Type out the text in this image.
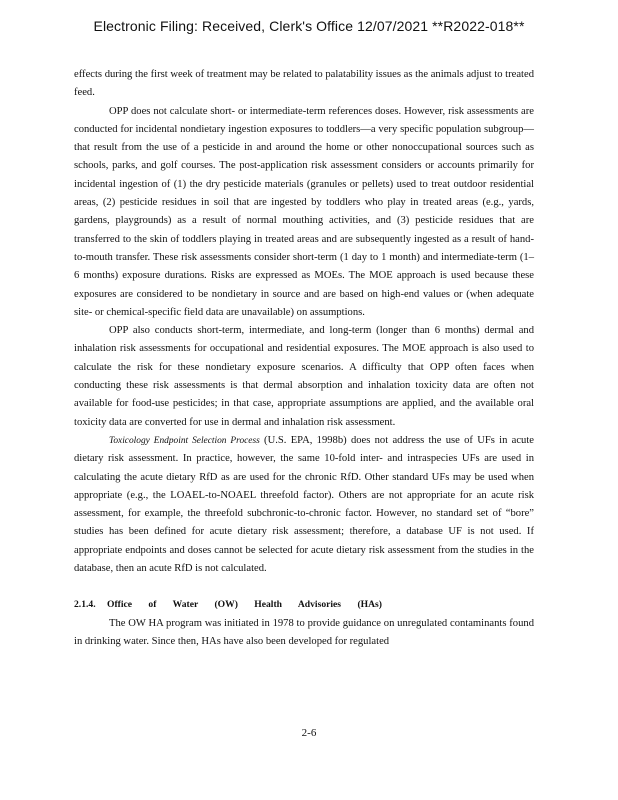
Electronic Filing: Received, Clerk's Office 12/07/2021 **R2022-018**

effects during the first week of treatment may be related to palatability issues as the animals adjust to treated feed.

OPP does not calculate short- or intermediate-term references doses. However, risk assessments are conducted for incidental nondietary ingestion exposures to toddlers—a very specific population subgroup—that result from the use of a pesticide in and around the home or other nonoccupational sources such as schools, parks, and golf courses. The post-application risk assessment considers or accounts primarily for incidental ingestion of (1) the dry pesticide materials (granules or pellets) used to treat outdoor residential areas, (2) pesticide residues in soil that are ingested by toddlers who play in treated areas (e.g., yards, gardens, playgrounds) as a result of normal mouthing activities, and (3) pesticide residues that are transferred to the skin of toddlers playing in treated areas and are subsequently ingested as a result of hand-to-mouth transfer. These risk assessments consider short-term (1 day to 1 month) and intermediate-term (1–6 months) exposure durations. Risks are expressed as MOEs. The MOE approach is used because these exposures are considered to be nondietary in source and are based on high-end values or (when adequate site- or chemical-specific field data are unavailable) on assumptions.

OPP also conducts short-term, intermediate, and long-term (longer than 6 months) dermal and inhalation risk assessments for occupational and residential exposures. The MOE approach is also used to calculate the risk for these nondietary exposure scenarios. A difficulty that OPP often faces when conducting these risk assessments is that dermal absorption and inhalation toxicity data are often not available for food-use pesticides; in that case, appropriate assumptions are applied, and the available oral toxicity data are converted for use in dermal and inhalation risk assessment.

Toxicology Endpoint Selection Process (U.S. EPA, 1998b) does not address the use of UFs in acute dietary risk assessment. In practice, however, the same 10-fold inter- and intraspecies UFs are used in calculating the acute dietary RfD as are used for the chronic RfD. Other standard UFs may be used when appropriate (e.g., the LOAEL-to-NOAEL threefold factor). Others are not appropriate for an acute risk assessment, for example, the threefold subchronic-to-chronic factor. However, no standard set of “bore” studies has been defined for acute dietary risk assessment; therefore, a database UF is not used. If appropriate endpoints and doses cannot be selected for acute dietary risk assessment from the studies in the database, then an acute RfD is not calculated.

2.1.4. Office of Water (OW) Health Advisories (HAs)

The OW HA program was initiated in 1978 to provide guidance on unregulated contaminants found in drinking water. Since then, HAs have also been developed for regulated

2-6
